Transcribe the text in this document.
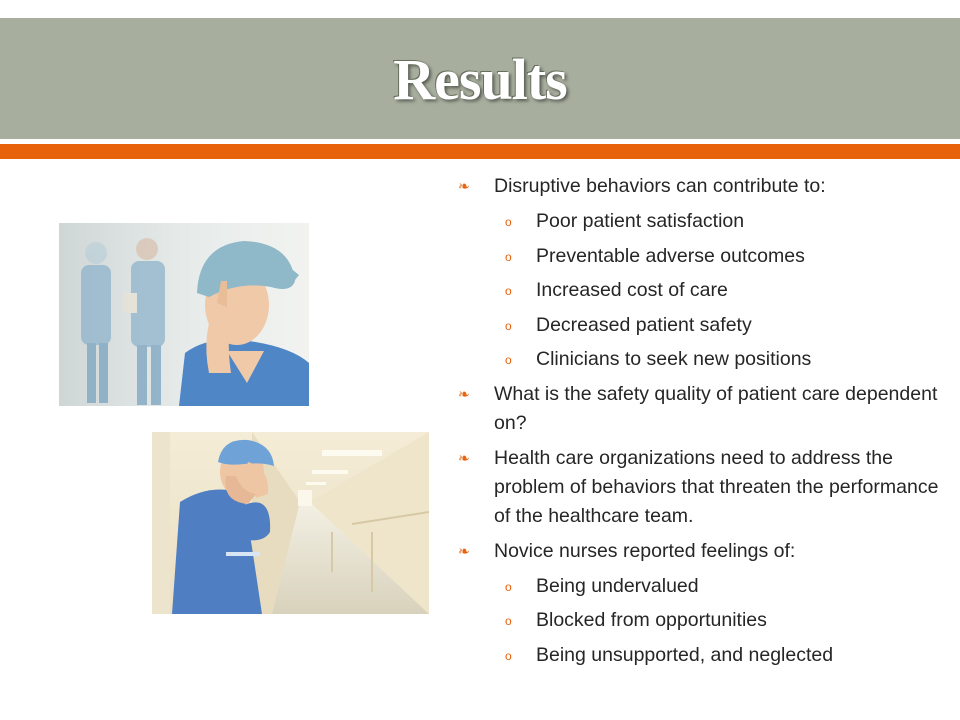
Results
❧ Disruptive behaviors can contribute to:
o Poor patient satisfaction
o Preventable adverse outcomes
o Increased cost of care
o Decreased patient safety
o Clinicians to seek new positions
❧ What is the safety quality of patient care dependent on?
❧ Health care organizations need to address the problem of behaviors that threaten the performance of the healthcare team.
❧ Novice nurses reported feelings of:
o Being undervalued
o Blocked from opportunities
o Being unsupported, and neglected
